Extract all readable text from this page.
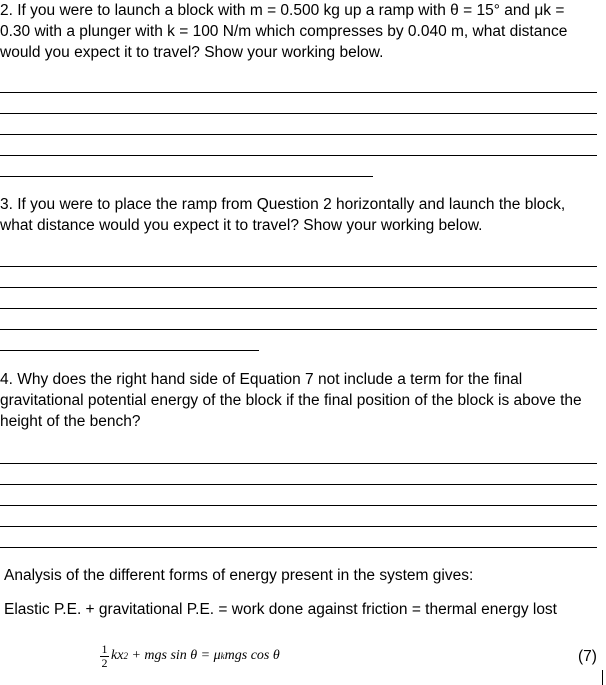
2. If you were to launch a block with m = 0.500 kg up a ramp with θ = 15° and μk =
0.30 with a plunger with k = 100 N/m which compresses by 0.040 m, what distance
would you expect it to travel? Show your working below.
3. If you were to place the ramp from Question 2 horizontally and launch the block,
what distance would you expect it to travel? Show your working below.
4. Why does the right hand side of Equation 7 not include a term for the final
gravitational potential energy of the block if the final position of the block is above the
height of the bench?

Analysis of the different forms of energy present in the system gives:

Elastic P.E. + gravitational P.E. = work done against friction = thermal energy lost

$\frac{1}{2}$ kx 2 + mgs sin θ = μ k mgs cos θ	(7)
